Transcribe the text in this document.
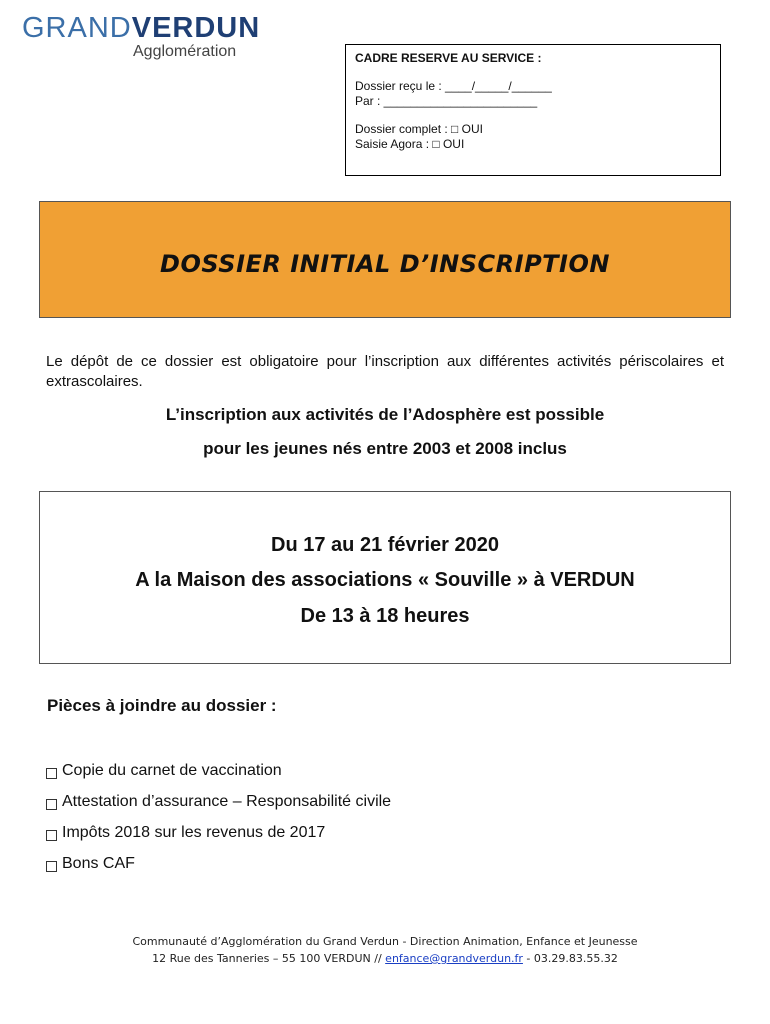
GRANDVERDUN
Agglomération	CADRE RESERVE AU SERVICE :
Dossier reçu le : ____/_____/______
Par : _______________________
Dossier complet : □ OUI
Saisie Agora : □ OUI
DOSSIER INITIAL D’INSCRIPTION
Le dépôt de ce dossier est obligatoire pour l’inscription aux différentes activités périscolaires et extrascolaires.
L’inscription aux activités de l’Adosphère est possible
pour les jeunes nés entre 2003 et 2008 inclus
Du 17 au 21 février 2020
A la Maison des associations « Souville » à VERDUN
De 13 à 18 heures
Pièces à joindre au dossier :
Copie du carnet de vaccination
Attestation d’assurance – Responsabilité civile
Impôts 2018 sur les revenus de 2017
Bons CAF
Communauté d’Agglomération du Grand Verdun - Direction Animation, Enfance et Jeunesse
12 Rue des Tanneries – 55 100 VERDUN // enfance@grandverdun.fr - 03.29.83.55.32
